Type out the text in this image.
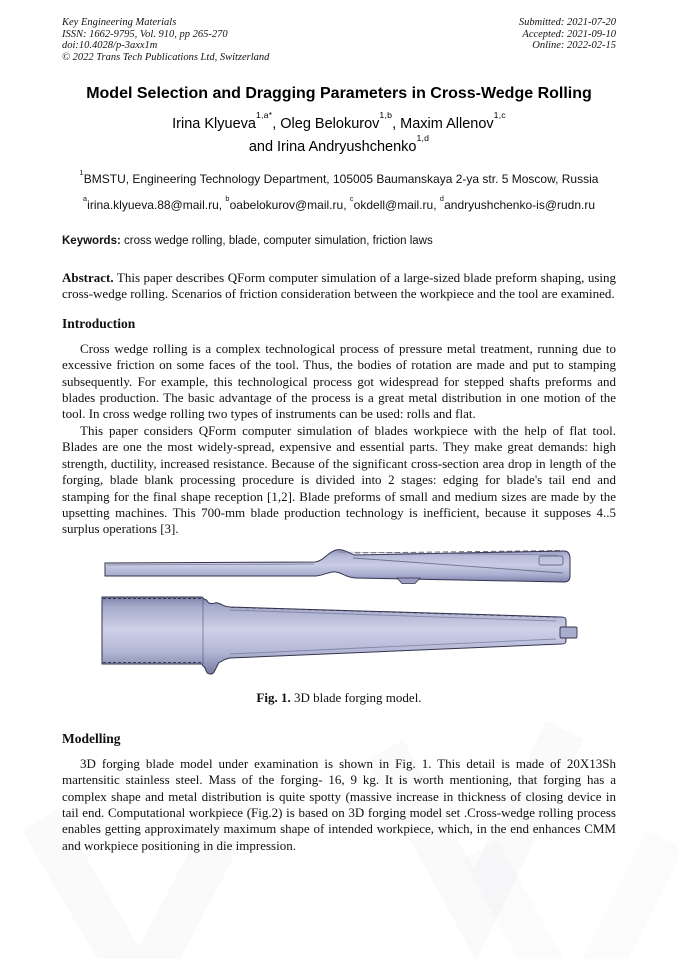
Key Engineering Materials
ISSN: 1662-9795, Vol. 910, pp 265-270
doi:10.4028/p-3axx1m
© 2022 Trans Tech Publications Ltd, Switzerland
Submitted: 2021-07-20
Accepted: 2021-09-10
Online: 2022-02-15
Model Selection and Dragging Parameters in Cross-Wedge Rolling
Irina Klyueva$^{1,a*}$, Oleg Belokurov$^{1,b}$, Maxim Allenov$^{1,c}$
and Irina Andryushchenko$^{1,d}$
$^1$BMSTU, Engineering Technology Department, 105005 Baumanskaya 2-ya str. 5 Moscow, Russia
$^a$irina.klyueva.88@mail.ru, $^b$oabelokurov@mail.ru, $^c$okdell@mail.ru, $^d$andryushchenko-is@rudn.ru
Keywords: cross wedge rolling, blade, computer simulation, friction laws
Abstract. This paper describes QForm computer simulation of a large-sized blade preform shaping, using cross-wedge rolling. Scenarios of friction consideration between the workpiece and the tool are examined.
Introduction

Cross wedge rolling is a complex technological process of pressure metal treatment, running due to excessive friction on some faces of the tool. Thus, the bodies of rotation are made and put to stamping subsequently. For example, this technological process got widespread for stepped shafts preforms and blades production. The basic advantage of the process is a great metal distribution in one motion of the tool. In cross wedge rolling two types of instruments can be used: rolls and flat.

This paper considers QForm computer simulation of blades workpiece with the help of flat tool. Blades are one the most widely-spread, expensive and essential parts. They make great demands: high strength, ductility, increased resistance. Because of the significant cross-section area drop in length of the forging, blade blank processing procedure is divided into 2 stages: edging for blade's tail end and stamping for the final shape reception [1,2]. Blade preforms of small and medium sizes are made by the upsetting machines. This 700-mm blade production technology is inefficient, because it supposes 4..5 surplus operations [3].

Fig. 1. 3D blade forging model.
Modelling

3D forging blade model under examination is shown in Fig. 1. This detail is made of 20X13Sh martensitic stainless steel. Mass of the forging- 16, 9 kg. It is worth mentioning, that forging has a complex shape and metal distribution is quite spotty (massive increase in thickness of closing device in tail end. Computational workpiece (Fig.2) is based on 3D forging model set .Cross-wedge rolling process enables getting approximately maximum shape of intended workpiece, which, in the end enhances CMM and workpiece positioning in die impression.
